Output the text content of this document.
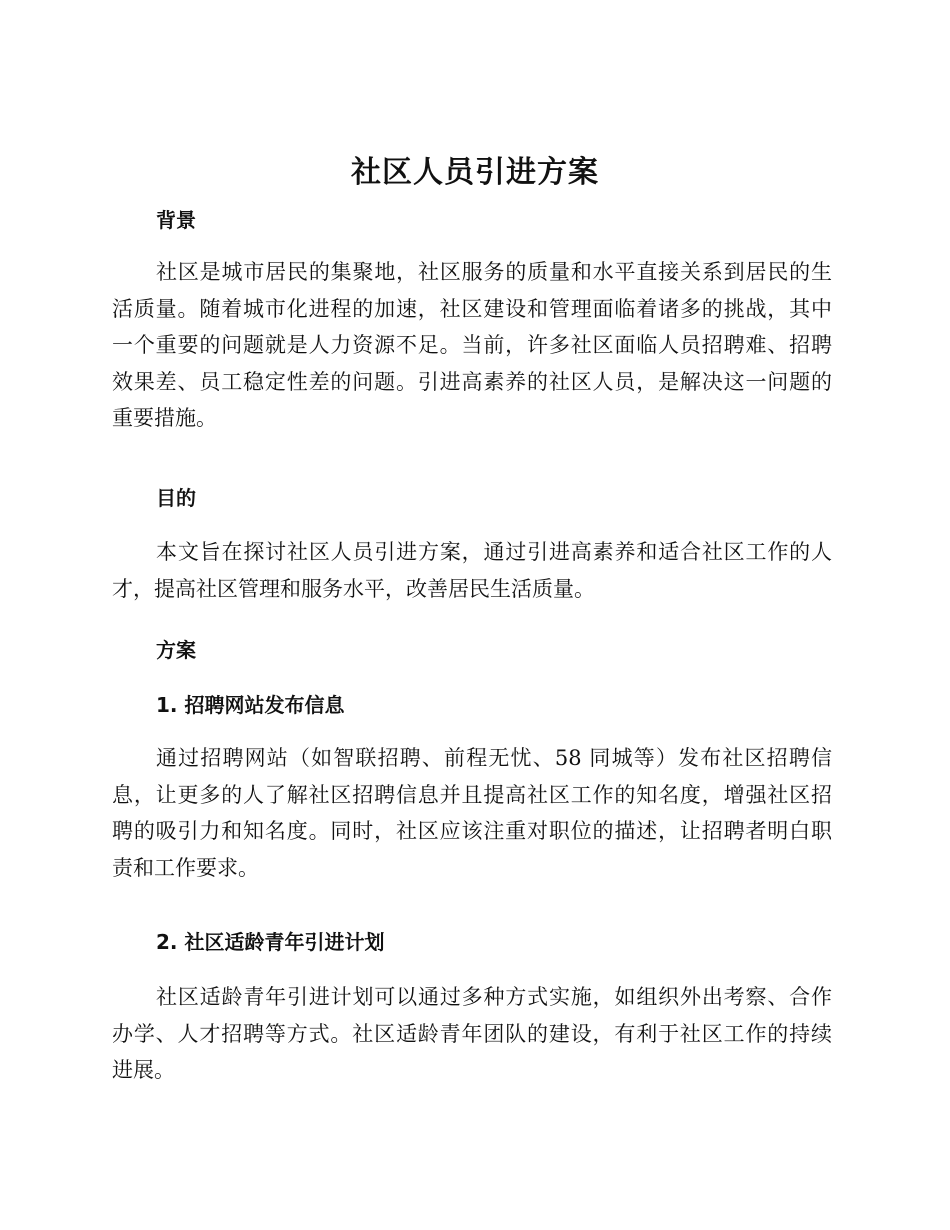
社区人员引进方案
背景
社区是城市居民的集聚地，社区服务的质量和水平直接关系到居民的生
活质量。随着城市化进程的加速，社区建设和管理面临着诸多的挑战，其中
一个重要的问题就是人力资源不足。当前，许多社区面临人员招聘难、招聘
效果差、员工稳定性差的问题。引进高素养的社区人员，是解决这一问题的
重要措施。
目的
本文旨在探讨社区人员引进方案，通过引进高素养和适合社区工作的人
才，提高社区管理和服务水平，改善居民生活质量。
方案
1. 招聘网站发布信息
通过招聘网站（如智联招聘、前程无忧、58 同城等）发布社区招聘信
息，让更多的人了解社区招聘信息并且提高社区工作的知名度，增强社区招
聘的吸引力和知名度。同时，社区应该注重对职位的描述，让招聘者明白职
责和工作要求。
2. 社区适龄青年引进计划
社区适龄青年引进计划可以通过多种方式实施，如组织外出考察、合作
办学、人才招聘等方式。社区适龄青年团队的建设，有利于社区工作的持续
进展。
